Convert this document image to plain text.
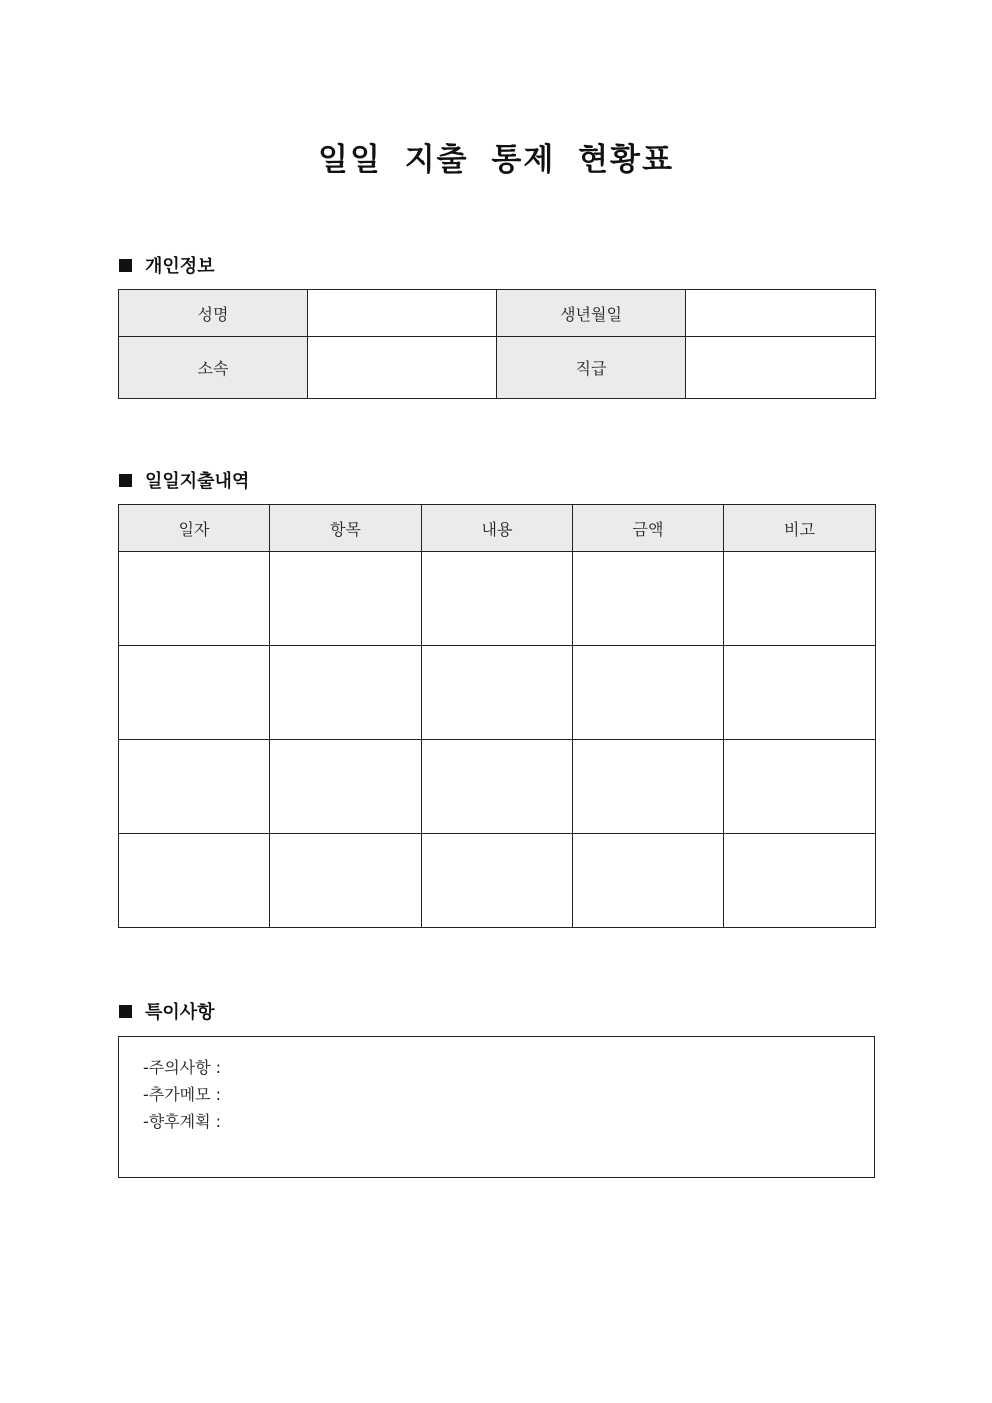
일일 지출 통제 현황표
개인정보
성명		생년월일	
소속		직급	
일일지출내역
일자	항목	내용	금액	비고

특이사항
-주의사항 :
-추가메모 :
-향후계획 :
